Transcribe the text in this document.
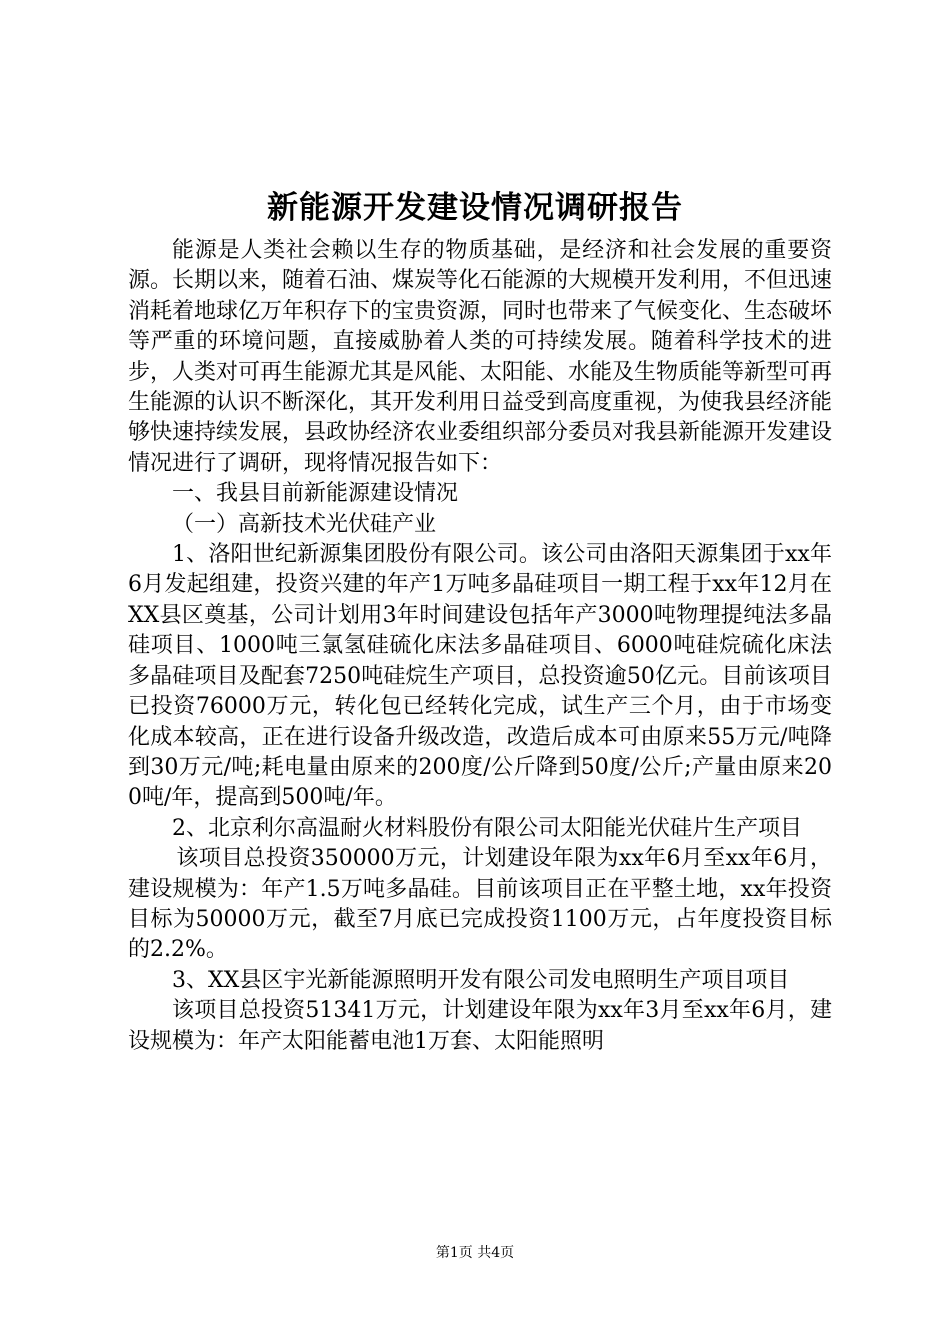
新能源开发建设情况调研报告

能源是人类社会赖以生存的物质基础，是经济和社会发展的重要资源。长期以来，随着石油、煤炭等化石能源的大规模开发利用，不但迅速消耗着地球亿万年积存下的宝贵资源，同时也带来了气候变化、生态破坏等严重的环境问题，直接威胁着人类的可持续发展。随着科学技术的进步，人类对可再生能源尤其是风能、太阳能、水能及生物质能等新型可再生能源的认识不断深化，其开发利用日益受到高度重视，为使我县经济能够快速持续发展，县政协经济农业委组织部分委员对我县新能源开发建设情况进行了调研，现将情况报告如下：

一、我县目前新能源建设情况

（一）高新技术光伏硅产业

1、洛阳世纪新源集团股份有限公司。该公司由洛阳天源集团于xx年6月发起组建，投资兴建的年产1万吨多晶硅项目一期工程于xx年12月在XX县区奠基，公司计划用3年时间建设包括年产3000吨物理提纯法多晶硅项目、1000吨三氯氢硅硫化床法多晶硅项目、6000吨硅烷硫化床法多晶硅项目及配套7250吨硅烷生产项目，总投资逾50亿元。目前该项目已投资76000万元，转化包已经转化完成，试生产三个月，由于市场变化成本较高，正在进行设备升级改造，改造后成本可由原来55万元/吨降到30万元/吨;耗电量由原来的200度/公斤降到50度/公斤;产量由原来200吨/年，提高到500吨/年。

2、北京利尔高温耐火材料股份有限公司太阳能光伏硅片生产项目

该项目总投资350000万元，计划建设年限为xx年6月至xx年6月，建设规模为：年产1.5万吨多晶硅。目前该项目正在平整土地，xx年投资目标为50000万元，截至7月底已完成投资1100万元，占年度投资目标的2.2%。

3、XX县区宇光新能源照明开发有限公司发电照明生产项目项目

该项目总投资51341万元，计划建设年限为xx年3月至xx年6月，建设规模为：年产太阳能蓄电池1万套、太阳能照明

第1页 共4页
